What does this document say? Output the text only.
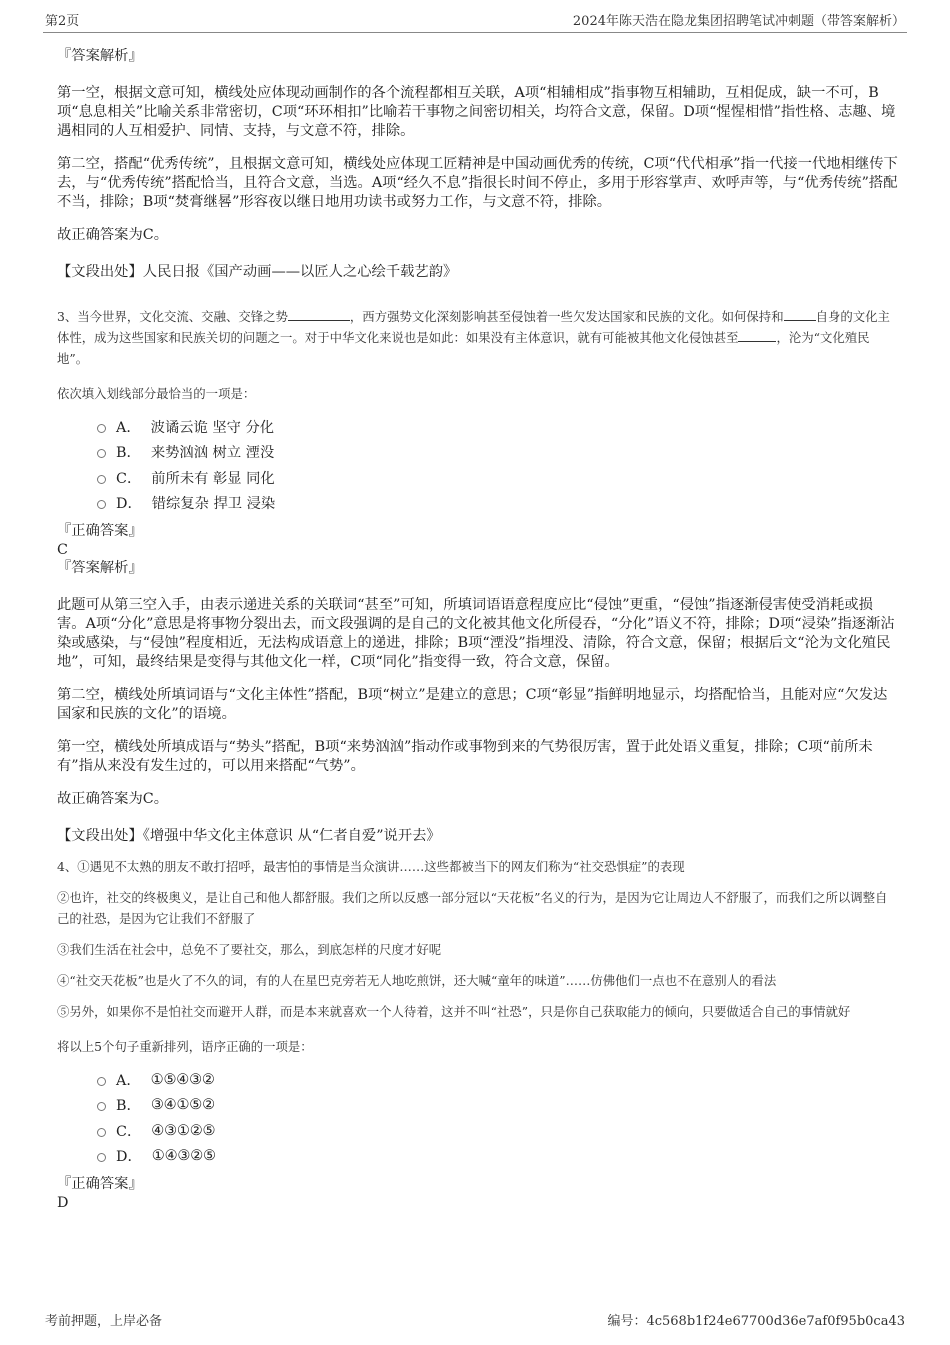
第2页	2024年陈天浩在隐龙集团招聘笔试冲刺题（带答案解析）

『答案解析』

第一空，根据文意可知，横线处应体现动画制作的各个流程都相互关联，A项“相辅相成”指事物互相辅助，互相促成，缺一不可，B项“息息相关”比喻关系非常密切，C项“环环相扣”比喻若干事物之间密切相关，均符合文意，保留。D项“惺惺相惜”指性格、志趣、境遇相同的人互相爱护、同情、支持，与文意不符，排除。

第二空，搭配“优秀传统”，且根据文意可知，横线处应体现工匠精神是中国动画优秀的传统，C项“代代相承”指一代接一代地相继传下去，与“优秀传统”搭配恰当，且符合文意，当选。A项“经久不息”指很长时间不停止，多用于形容掌声、欢呼声等，与“优秀传统”搭配不当，排除；B项“焚膏继晷”形容夜以继日地用功读书或努力工作，与文意不符，排除。

故正确答案为C。

【文段出处】人民日报《国产动画——以匠人之心绘千载艺韵》

3、当今世界，文化交流、交融、交锋之势	，西方强势文化深刻影响甚至侵蚀着一些欠发达国家和民族的文化。如何保持和	自身的文化主体性，成为这些国家和民族关切的问题之一。对于中华文化来说也是如此：如果没有主体意识，就有可能被其他文化侵蚀甚至	，沦为“文化殖民地”。

依次填入划线部分最恰当的一项是：

A． 波谲云诡 坚守 分化
B． 来势汹汹 树立 湮没
C． 前所未有 彰显 同化
D． 错综复杂 捍卫 浸染

『正确答案』

C

『答案解析』

此题可从第三空入手，由表示递进关系的关联词“甚至”可知，所填词语语意程度应比“侵蚀”更重，“侵蚀”指逐渐侵害使受消耗或损害。A项“分化”意思是将事物分裂出去，而文段强调的是自己的文化被其他文化所侵吞，“分化”语义不符，排除；D项“浸染”指逐渐沾染或感染，与“侵蚀”程度相近，无法构成语意上的递进，排除；B项“湮没”指埋没、清除，符合文意，保留；根据后文“沦为文化殖民地”，可知，最终结果是变得与其他文化一样，C项“同化”指变得一致，符合文意，保留。

第二空，横线处所填词语与“文化主体性”搭配，B项“树立”是建立的意思；C项“彰显”指鲜明地显示，均搭配恰当，且能对应“欠发达国家和民族的文化”的语境。

第一空，横线处所填成语与“势头”搭配，B项“来势汹汹”指动作或事物到来的气势很厉害，置于此处语义重复，排除；C项“前所未有”指从来没有发生过的，可以用来搭配“气势”。

故正确答案为C。

【文段出处】《增强中华文化主体意识 从“仁者自爱”说开去》

4、①遇见不太熟的朋友不敢打招呼，最害怕的事情是当众演讲……这些都被当下的网友们称为“社交恐惧症”的表现

②也许，社交的终极奥义，是让自己和他人都舒服。我们之所以反感一部分冠以“天花板”名义的行为，是因为它让周边人不舒服了，而我们之所以调整自己的社恐，是因为它让我们不舒服了

③我们生活在社会中，总免不了要社交，那么，到底怎样的尺度才好呢

④“社交天花板”也是火了不久的词，有的人在星巴克旁若无人地吃煎饼，还大喊“童年的味道”……仿佛他们一点也不在意别人的看法

⑤另外，如果你不是怕社交而避开人群，而是本来就喜欢一个人待着，这并不叫“社恐”，只是你自己获取能力的倾向，只要做适合自己的事情就好

将以上5个句子重新排列，语序正确的一项是：

A． ①⑤④③②
B． ③④①⑤②
C． ④③①②⑤
D． ①④③②⑤

『正确答案』

D

考前押题，上岸必备	编号：4c568b1f24e67700d36e7af0f95b0ca43
